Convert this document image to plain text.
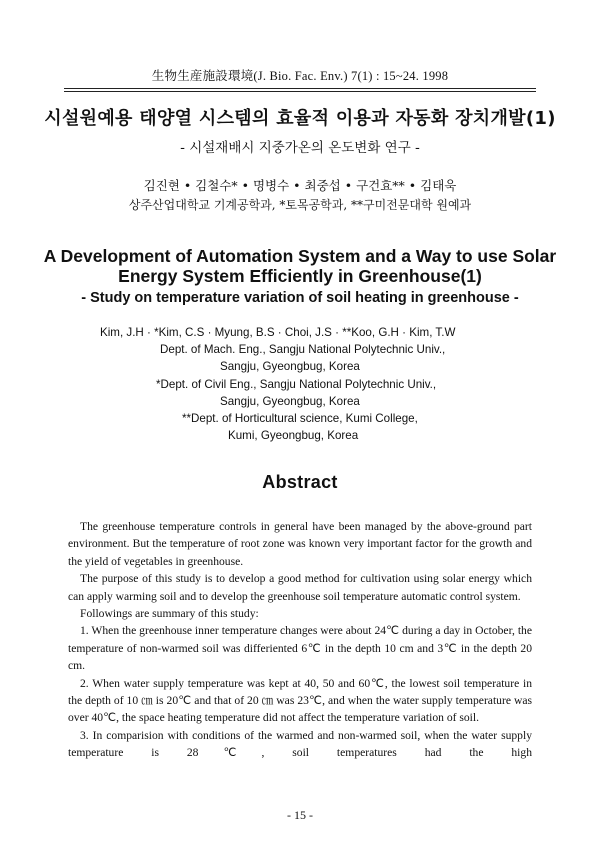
生物生産施設環境(J. Bio. Fac. Env.) 7(1) : 15~24. 1998
시설원예용 태양열 시스템의 효율적 이용과 자동화 장치개발(1)
- 시설재배시 지중가온의 온도변화 연구 -
김진현 • 김철수* • 명병수 • 최중섭 • 구건효** • 김태욱
상주산업대학교 기계공학과, *토목공학과, **구미전문대학 원예과
A Development of Automation System and a Way to use Solar
Energy System Efficiently in Greenhouse(1)
- Study on temperature variation of soil heating in greenhouse -
Kim, J.H · *Kim, C.S · Myung, B.S · Choi, J.S · **Koo, G.H · Kim, T.W
Dept. of Mach. Eng., Sangju National Polytechnic Univ.,
Sangju, Gyeongbug, Korea
*Dept. of Civil Eng., Sangju National Polytechnic Univ.,
Sangju, Gyeongbug, Korea
**Dept. of Horticultural science, Kumi College,
Kumi, Gyeongbug, Korea
Abstract

The greenhouse temperature controls in general have been managed by the above-ground part environment. But the temperature of root zone was known very important factor for the growth and the yield of vegetables in greenhouse.

The purpose of this study is to develop a good method for cultivation using solar energy which can apply warming soil and to develop the greenhouse soil temperature automatic control system.

Followings are summary of this study:

1. When the greenhouse inner temperature changes were about 24℃ during a day in October, the temperature of non-warmed soil was differiented 6℃ in the depth 10 cm and 3℃ in the depth 20 cm.

2. When water supply temperature was kept at 40, 50 and 60℃, the lowest soil temperature in the depth of 10 ㎝ is 20℃ and that of 20 ㎝ was 23℃, and when the water supply temperature was over 40℃, the space heating temperature did not affect the temperature variation of soil.

3. In comparision with conditions of the warmed and non-warmed soil, when the water supply temperature is 28℃, soil temperatures had the high

- 15 -
